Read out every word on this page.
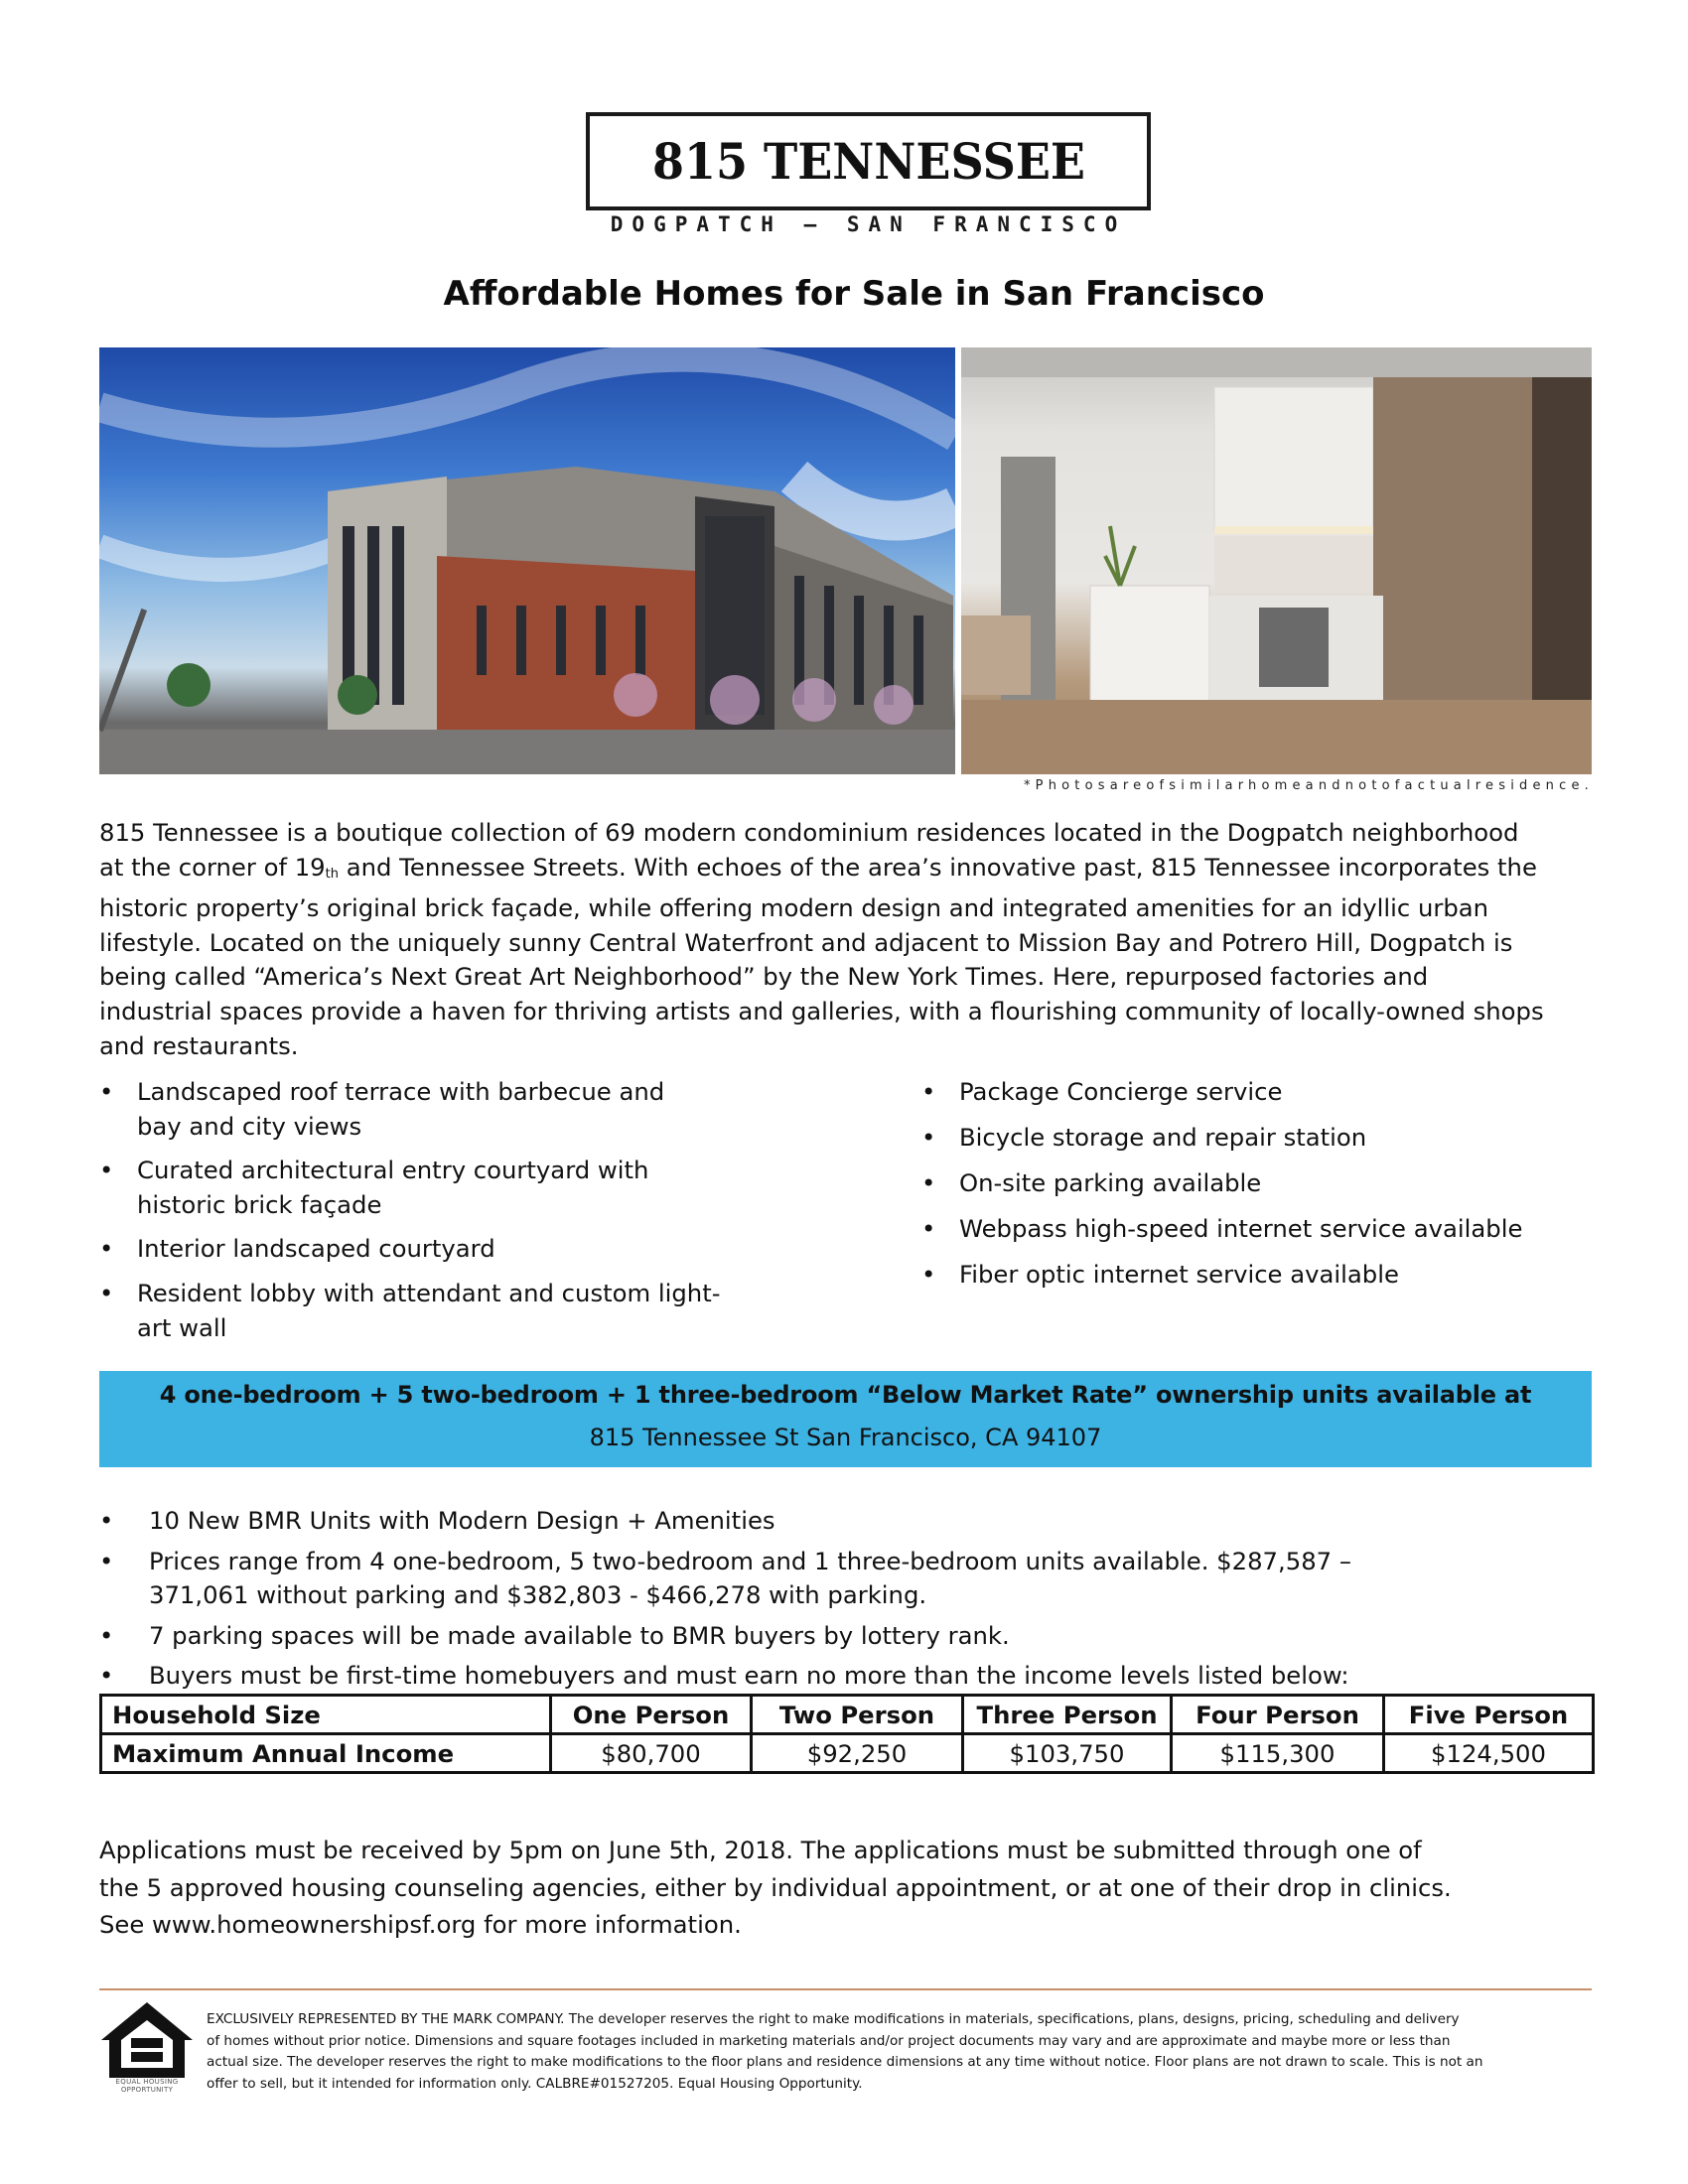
815 TENNESSEE
DOGPATCH – SAN FRANCISCO
Affordable Homes for Sale in San Francisco
*Photosareofsimilarhomeandnotofactualresidence.

815 Tennessee is a boutique collection of 69 modern condominium residences located in the Dogpatch neighborhood

at the corner of $19_{th}$ and Tennessee Streets. With echoes of the area’s innovative past, 815 Tennessee incorporates the

historic property’s original brick façade, while offering modern design and integrated amenities for an idyllic urban

lifestyle. Located on the uniquely sunny Central Waterfront and adjacent to Mission Bay and Potrero Hill, Dogpatch is

being called “America’s Next Great Art Neighborhood” by the New York Times. Here, repurposed factories and

industrial spaces provide a haven for thriving artists and galleries, with a flourishing community of locally-owned shops

and restaurants.

• Landscaped roof terrace with barbecue and
bay and city views
• Curated architectural entry courtyard with
historic brick façade
• Interior landscaped courtyard
• Resident lobby with attendant and custom light-
art wall
• Package Concierge service
• Bicycle storage and repair station
• On-site parking available
• Webpass high-speed internet service available
• Fiber optic internet service available
4 one-bedroom + 5 two-bedroom + 1 three-bedroom “Below Market Rate” ownership units available at
815 Tennessee St San Francisco, CA 94107
• 10 New BMR Units with Modern Design + Amenities
• Prices range from 4 one-bedroom, 5 two-bedroom and 1 three-bedroom units available. $287,587 –
371,061 without parking and $382,803 - $466,278 with parking.
• 7 parking spaces will be made available to BMR buyers by lottery rank.
• Buyers must be first-time homebuyers and must earn no more than the income levels listed below:
Household Size	One Person	Two Person	Three Person	Four Person	Five Person
Maximum Annual Income	$80,700	$92,250	$103,750	$115,300	$124,500

Applications must be received by 5pm on June 5th, 2018. The applications must be submitted through one of

the 5 approved housing counseling agencies, either by individual appointment, or at one of their drop in clinics.

See www.homeownershipsf.org for more information.

EQUAL HOUSING
OPPORTUNITY

EXCLUSIVELY REPRESENTED BY THE MARK COMPANY. The developer reserves the right to make modifications in materials, specifications, plans, designs, pricing, scheduling and delivery

of homes without prior notice. Dimensions and square footages included in marketing materials and/or project documents may vary and are approximate and maybe more or less than

actual size. The developer reserves the right to make modifications to the floor plans and residence dimensions at any time without notice. Floor plans are not drawn to scale. This is not an

offer to sell, but it intended for information only. CALBRE#01527205. Equal Housing Opportunity.
